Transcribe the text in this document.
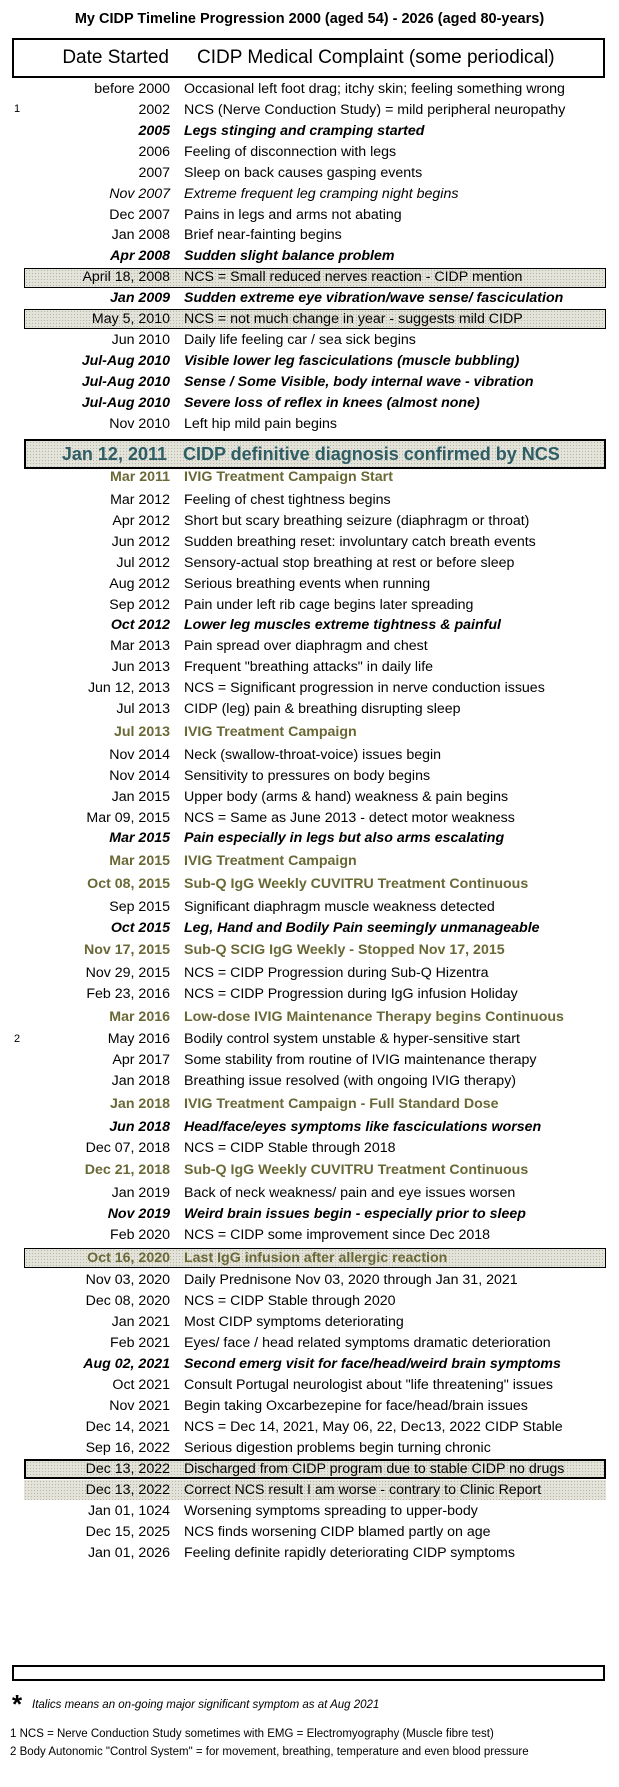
My CIDP Timeline Progression 2000 (aged 54) - 2026 (aged 80-years)
Date Started CIDP Medical Complaint (some periodical)
before 2000 Occasional left foot drag; itchy skin; feeling something wrong
1	2002 NCS (Nerve Conduction Study) = mild peripheral neuropathy
2005 Legs stinging and cramping started
2006 Feeling of disconnection with legs
2007 Sleep on back causes gasping events
Nov 2007 Extreme frequent leg cramping night begins
Dec 2007 Pains in legs and arms not abating
Jan 2008 Brief near-fainting begins
Apr 2008 Sudden slight balance problem
April 18, 2008 NCS = Small reduced nerves reaction - CIDP mention
Jan 2009 Sudden extreme eye vibration/wave sense/ fasciculation
May 5, 2010 NCS = not much change in year - suggests mild CIDP
Jun 2010 Daily life feeling car / sea sick begins
Jul-Aug 2010 Visible lower leg fasciculations (muscle bubbling)
Jul-Aug 2010 Sense / Some Visible, body internal wave - vibration
Jul-Aug 2010 Severe loss of reflex in knees (almost none)
Nov 2010 Left hip mild pain begins
Jan 12, 2011 CIDP definitive diagnosis confirmed by NCS
Mar 2011 IVIG Treatment Campaign Start
Mar 2012 Feeling of chest tightness begins
Apr 2012 Short but scary breathing seizure (diaphragm or throat)
Jun 2012 Sudden breathing reset: involuntary catch breath events
Jul 2012 Sensory-actual stop breathing at rest or before sleep
Aug 2012 Serious breathing events when running
Sep 2012 Pain under left rib cage begins later spreading
Oct 2012 Lower leg muscles extreme tightness & painful
Mar 2013 Pain spread over diaphragm and chest
Jun 2013 Frequent "breathing attacks" in daily life
Jun 12, 2013 NCS = Significant progression in nerve conduction issues
Jul 2013 CIDP (leg) pain & breathing disrupting sleep
Jul 2013 IVIG Treatment Campaign
Nov 2014 Neck (swallow-throat-voice) issues begin
Nov 2014 Sensitivity to pressures on body begins
Jan 2015 Upper body (arms & hand) weakness & pain begins
Mar 09, 2015 NCS = Same as June 2013 - detect motor weakness
Mar 2015 Pain especially in legs but also arms escalating
Mar 2015 IVIG Treatment Campaign
Oct 08, 2015 Sub-Q IgG Weekly CUVITRU Treatment Continuous
Sep 2015 Significant diaphragm muscle weakness detected
Oct 2015 Leg, Hand and Bodily Pain seemingly unmanageable
Nov 17, 2015 Sub-Q SCIG IgG Weekly - Stopped Nov 17, 2015
Nov 29, 2015 NCS = CIDP Progression during Sub-Q Hizentra
Feb 23, 2016 NCS = CIDP Progression during IgG infusion Holiday
Mar 2016 Low-dose IVIG Maintenance Therapy begins Continuous
2	May 2016 Bodily control system unstable & hyper-sensitive start
Apr 2017 Some stability from routine of IVIG maintenance therapy
Jan 2018 Breathing issue resolved (with ongoing IVIG therapy)
Jan 2018 IVIG Treatment Campaign - Full Standard Dose
Jun 2018 Head/face/eyes symptoms like fasciculations worsen
Dec 07, 2018 NCS = CIDP Stable through 2018
Dec 21, 2018 Sub-Q IgG Weekly CUVITRU Treatment Continuous
Jan 2019 Back of neck weakness/ pain and eye issues worsen
Nov 2019 Weird brain issues begin - especially prior to sleep
Feb 2020 NCS = CIDP some improvement since Dec 2018
Oct 16, 2020 Last IgG infusion after allergic reaction
Nov 03, 2020 Daily Prednisone Nov 03, 2020 through Jan 31, 2021
Dec 08, 2020 NCS = CIDP Stable through 2020
Jan 2021 Most CIDP symptoms deteriorating
Feb 2021 Eyes/ face / head related symptoms dramatic deterioration
Aug 02, 2021 Second emerg visit for face/head/weird brain symptoms
Oct 2021 Consult Portugal neurologist about "life threatening" issues
Nov 2021 Begin taking Oxcarbezepine for face/head/brain issues
Dec 14, 2021 NCS = Dec 14, 2021, May 06, 22, Dec13, 2022 CIDP Stable
Sep 16, 2022 Serious digestion problems begin turning chronic
Dec 13, 2022 Discharged from CIDP program due to stable CIDP no drugs
Dec 13, 2022 Correct NCS result I am worse - contrary to Clinic Report
Jan 01, 1024 Worsening symptoms spreading to upper-body
Dec 15, 2025 NCS finds worsening CIDP blamed partly on age
Jan 01, 2026 Feeling definite rapidly deteriorating CIDP symptoms
* Italics means an on-going major significant symptom as at Aug 2021
1 NCS = Nerve Conduction Study sometimes with EMG = Electromyography (Muscle fibre test)
2 Body Autonomic "Control System" = for movement, breathing, temperature and even blood pressure
